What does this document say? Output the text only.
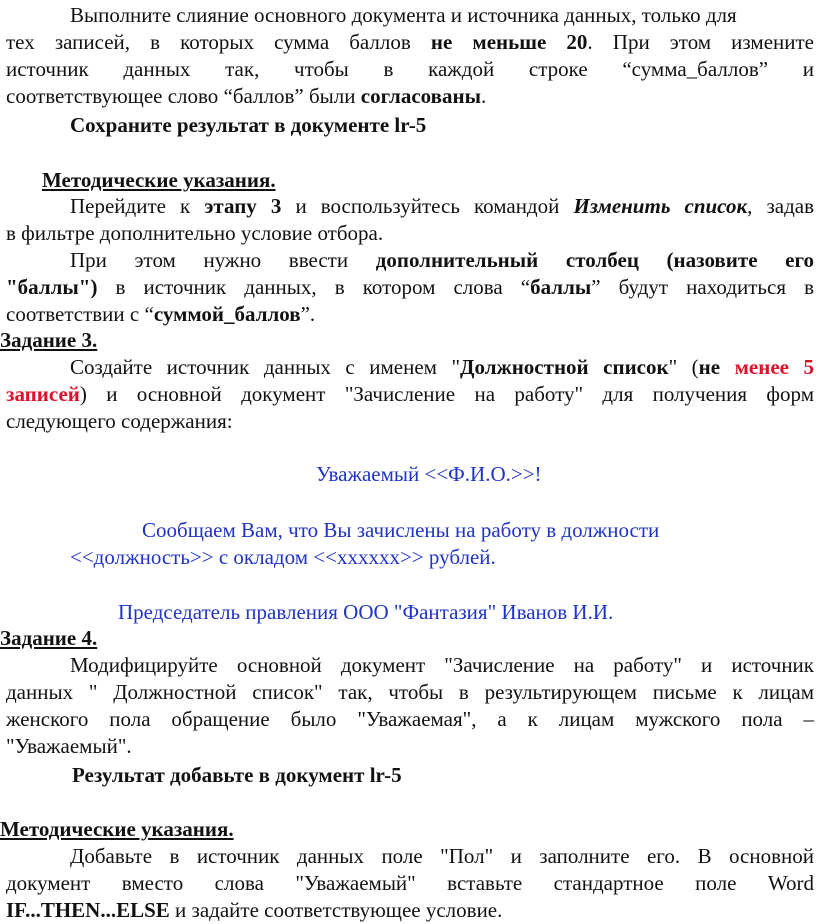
Выполните слияние основного документа и источника данных, только для
тех записей, в которых сумма баллов не меньше 20. При этом измените
источник данных так, чтобы в каждой строке “сумма_баллов” и
соответствующее слово “баллов” были согласованы.
Сохраните результат в документе lr-5
Методические указания.
Перейдите к этапу 3 и воспользуйтесь командой Изменить список, задав
в фильтре дополнительно условие отбора.
При этом нужно ввести дополнительный столбец (назовите его
"баллы") в источник данных, в котором слова “баллы” будут находиться в
соответствии с “суммой_баллов”.
Задание 3.
Создайте источник данных с именем "Должностной список" (не менее 5
записей) и основной документ "Зачисление на работу" для получения форм
следующего содержания:
Уважаемый <<Ф.И.О.>>!
Сообщаем Вам, что Вы зачислены на работу в должности
<<должность>> с окладом <<хххххх>> рублей.
Председатель правления ООО "Фантазия" Иванов И.И.
Задание 4.
Модифицируйте основной документ "Зачисление на работу" и источник
данных " Должностной список" так, чтобы в результирующем письме к лицам
женского пола обращение было "Уважаемая", а к лицам мужского пола –
"Уважаемый".
Результат добавьте в документ lr-5
Методические указания.
Добавьте в источник данных поле "Пол" и заполните его. В основной
документ вместо слова "Уважаемый" вставьте стандартное поле Word
IF...THEN...ELSE и задайте соответствующее условие.
